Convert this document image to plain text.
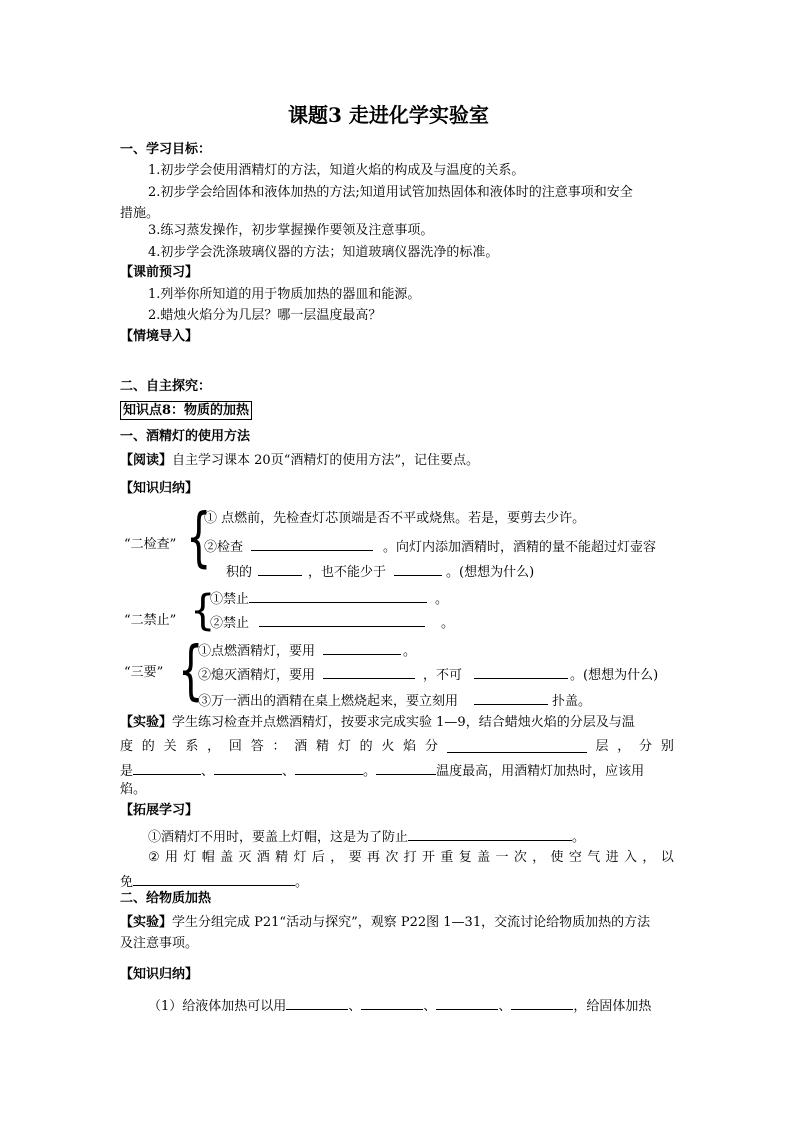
课题3 走进化学实验室
一、学习目标：
1.初步学会使用酒精灯的方法，知道火焰的构成及与温度的关系。
2.初步学会给固体和液体加热的方法;知道用试管加热固体和液体时的注意事项和安全
措施。
3.练习蒸发操作，初步掌握操作要领及注意事项。
4.初步学会洗涤玻璃仪器的方法；知道玻璃仪器洗净的标准。
【课前预习】
1.列举你所知道的用于物质加热的器皿和能源。
2.蜡烛火焰分为几层？哪一层温度最高？
【情境导入】
二、自主探究：
知识点8：物质的加热
一、酒精灯的使用方法
【阅读】自主学习课本 20页“酒精灯的使用方法”，记住要点。
【知识归纳】
“二检查” {
① 点燃前，先检查灯芯顶端是否不平或烧焦。若是，要剪去少许。
②检查	。向灯内添加酒精时，酒精的量不能超过灯壶容
积的	，也不能少于	。(想想为什么)
“二禁止” {
①禁止	。
②禁止	。
“三要” {
①点燃酒精灯，要用	。
②熄灭酒精灯，要用	，不可	。(想想为什么)
③万一洒出的酒精在桌上燃烧起来，要立刻用	扑盖。
【实验】学生练习检查并点燃酒精灯，按要求完成实验 1—9，结合蜡烛火焰的分层及与温
度 的 关 系 ， 回 答 ： 酒 精 灯 的 火 焰 分	层 ， 分 别
是	、	、	。	温度最高，用酒精灯加热时，应该用
焰。
【拓展学习】
①酒精灯不用时，要盖上灯帽，这是为了防止	。
② 用 灯 帽 盖 灭 酒 精 灯 后 ， 要 再 次 打 开 重 复 盖 一 次 ， 使 空 气 进 入 ， 以
免	。
二、给物质加热
【实验】学生分组完成 P21“活动与探究”，观察 P22图 1—31，交流讨论给物质加热的方法
及注意事项。
【知识归纳】
（1）给液体加热可以用	、	、	、	，给固体加热
